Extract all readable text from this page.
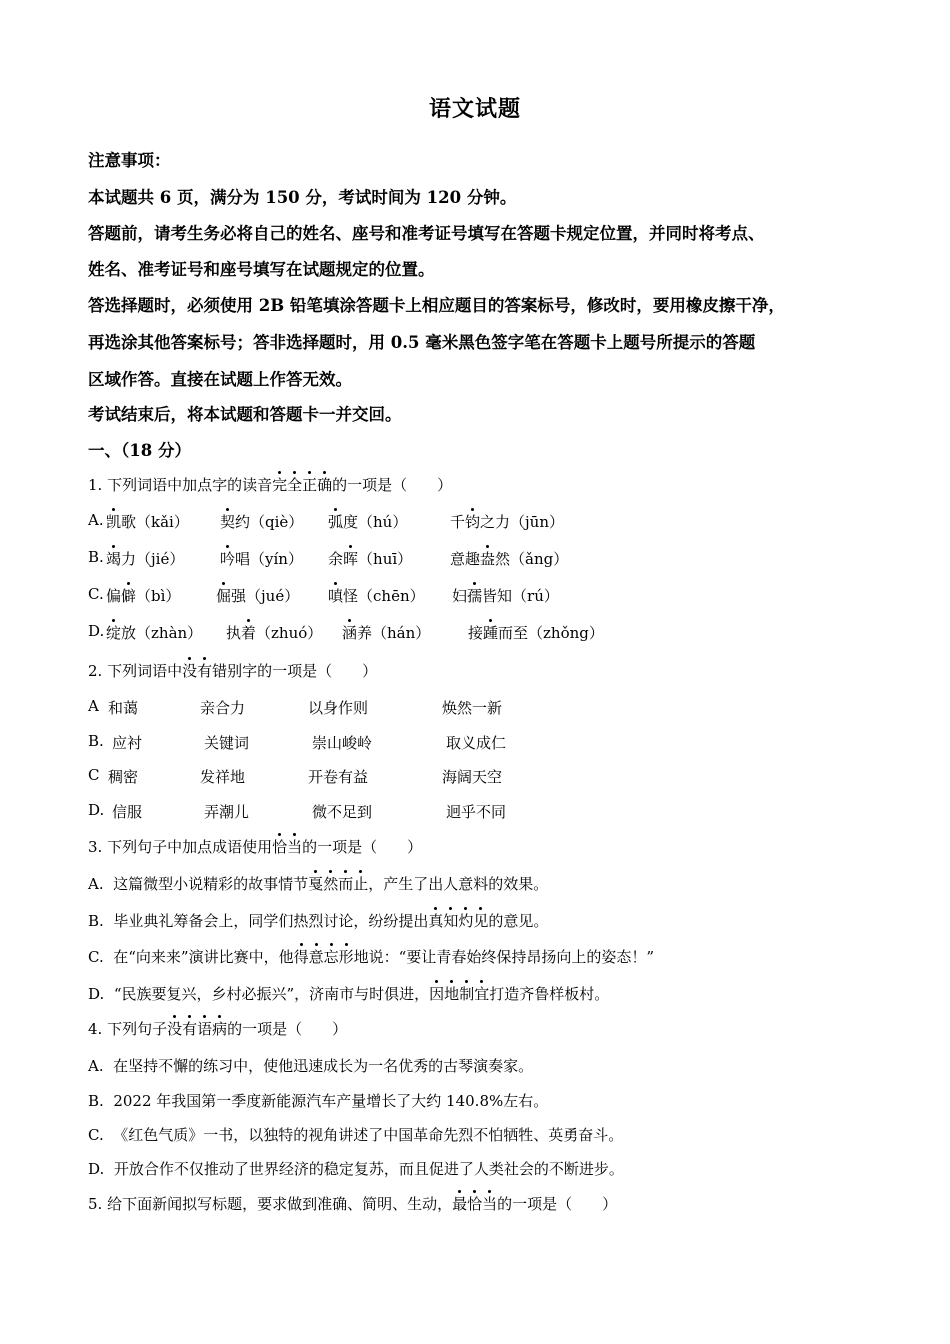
语文试题
注意事项：
本试题共 6 页，满分为 150 分，考试时间为 120 分钟。
答题前，请考生务必将自己的姓名、座号和准考证号填写在答题卡规定位置，并同时将考点、
姓名、准考证号和座号填写在试题规定的位置。
答选择题时，必须使用 2B 铅笔填涂答题卡上相应题目的答案标号，修改时，要用橡皮擦干净，
再选涂其他答案标号；答非选择题时，用 0.5 毫米黑色签字笔在答题卡上题号所提示的答题
区域作答。直接在试题上作答无效。
考试结束后，将本试题和答题卡一并交回。
一、（18 分）
1. 下列词语中加点字的读音完全正确的一项是（　　）
A. 凯歌（kǎi） 契约（qiè） 弧度（hú）	千钧之力（jūn）
B. 竭力（jié） 吟唱（yín） 余晖（huī）	意趣盎然（ǎng）
C. 偏僻（bì） 倔强（jué） 嗔怪（chēn） 妇孺皆知（rú）
D. 绽放（zhàn） 执着（zhuó） 涵养（hán）	接踵而至（zhǒng）
2. 下列词语中没有错别字的一项是（　　）
A 和蔼	亲合力	以身作则	焕然一新
B. 应衬	关键词	崇山峻岭	取义成仁
C 稠密	发祥地	开卷有益	海阔天空
D. 信服	弄潮儿	微不足到	迥乎不同
3. 下列句子中加点成语使用恰当的一项是（　　）
A. 这篇微型小说精彩的故事情节戛然而止，产生了出人意料的效果。
B. 毕业典礼筹备会上，同学们热烈讨论，纷纷提出真知灼见的意见。
C. 在“向来来”演讲比赛中，他得意忘形地说：“要让青春始终保持昂扬向上的姿态！”
D. “民族要复兴，乡村必振兴”，济南市与时俱进，因地制宜打造齐鲁样板村。
4. 下列句子没有语病的一项是（　　）
A. 在坚持不懈的练习中，使他迅速成长为一名优秀的古琴演奏家。
B. 2022 年我国第一季度新能源汽车产量增长了大约 140.8%左右。
C. 《红色气质》一书，以独特的视角讲述了中国革命先烈不怕牺牲、英勇奋斗。
D. 开放合作不仅推动了世界经济的稳定复苏，而且促进了人类社会的不断进步。
5. 给下面新闻拟写标题，要求做到准确、简明、生动，最恰当的一项是（　　）
